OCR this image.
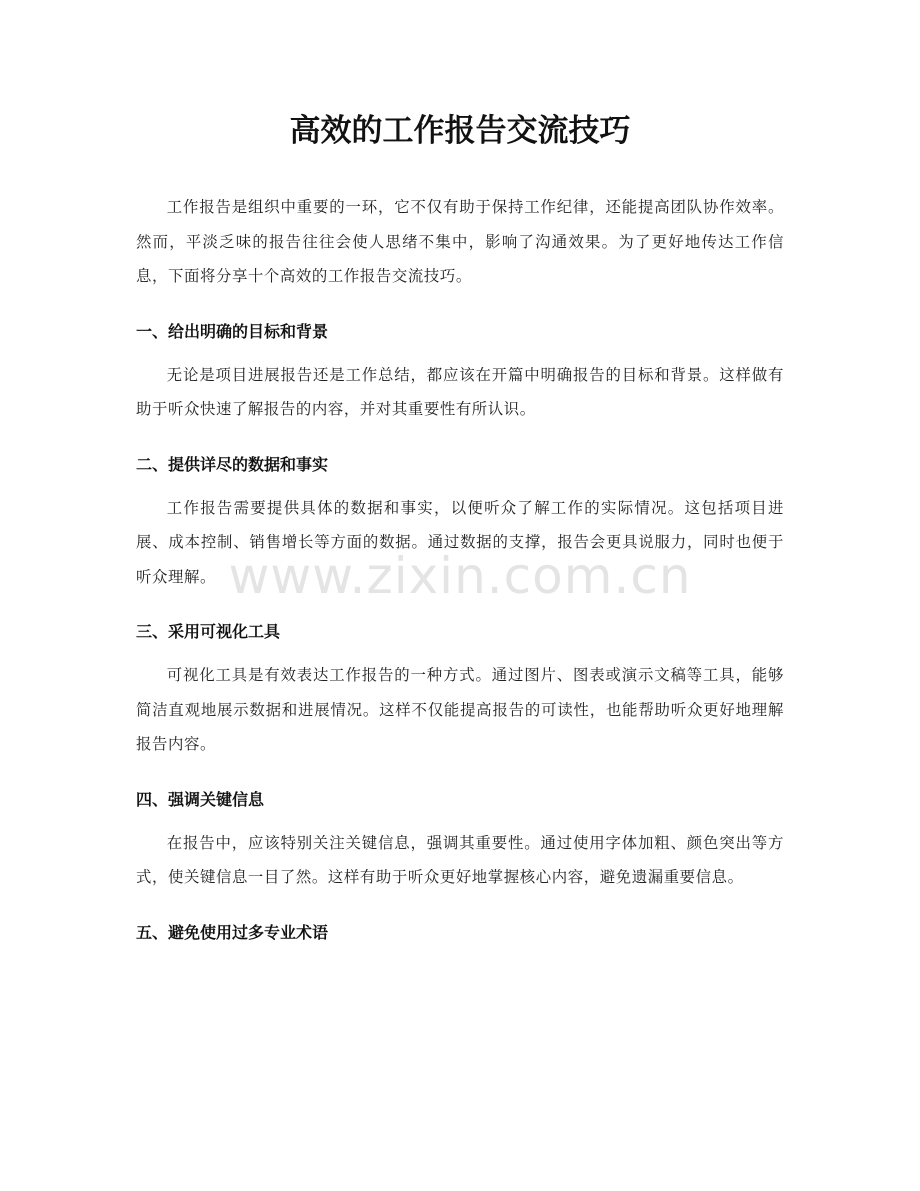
高效的工作报告交流技巧

工作报告是组织中重要的一环，它不仅有助于保持工作纪律，还能提高团队协作效率。然而，平淡乏味的报告往往会使人思绪不集中，影响了沟通效果。为了更好地传达工作信息，下面将分享十个高效的工作报告交流技巧。

一、给出明确的目标和背景

无论是项目进展报告还是工作总结，都应该在开篇中明确报告的目标和背景。这样做有助于听众快速了解报告的内容，并对其重要性有所认识。

二、提供详尽的数据和事实

工作报告需要提供具体的数据和事实，以便听众了解工作的实际情况。这包括项目进展、成本控制、销售增长等方面的数据。通过数据的支撑，报告会更具说服力，同时也便于听众理解。

三、采用可视化工具

可视化工具是有效表达工作报告的一种方式。通过图片、图表或演示文稿等工具，能够简洁直观地展示数据和进展情况。这样不仅能提高报告的可读性，也能帮助听众更好地理解报告内容。

四、强调关键信息

在报告中，应该特别关注关键信息，强调其重要性。通过使用字体加粗、颜色突出等方式，使关键信息一目了然。这样有助于听众更好地掌握核心内容，避免遗漏重要信息。

五、避免使用过多专业术语
www.zixin.com.cn
